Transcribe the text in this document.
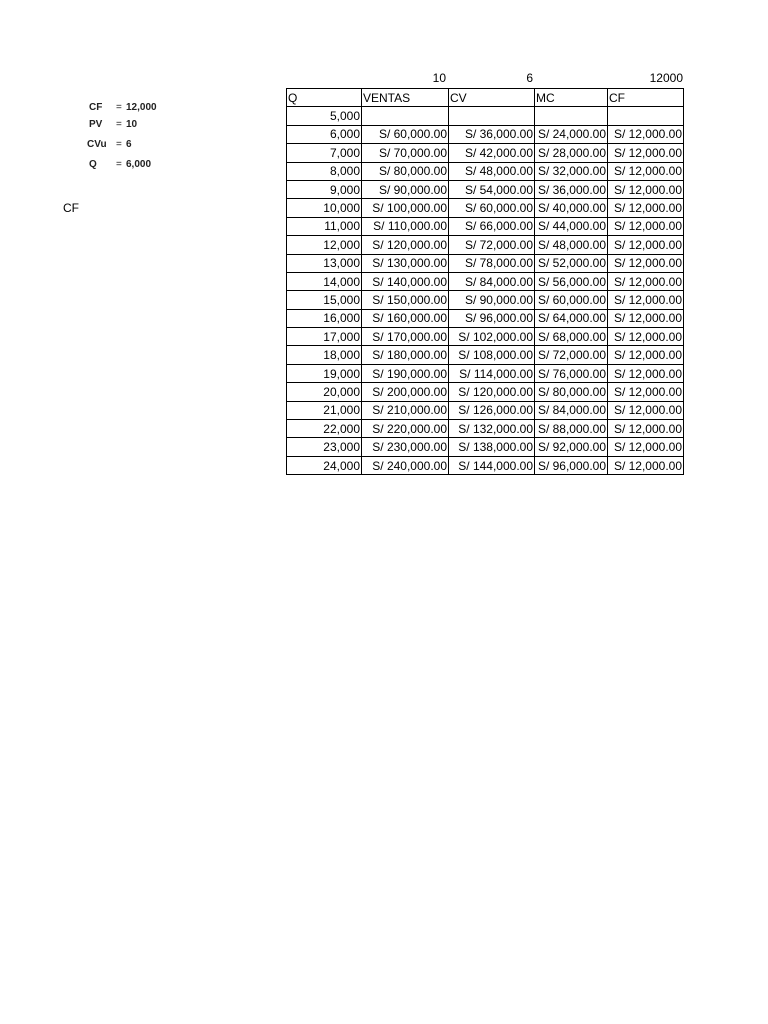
CF = 12,000
PV = 10
CVu = 6
Q = 6,000
CF
10	6	12000
Q	VENTAS	CV	MC	CF
5,000				
6,000	S/ 60,000.00	S/ 36,000.00	S/ 24,000.00	S/ 12,000.00
7,000	S/ 70,000.00	S/ 42,000.00	S/ 28,000.00	S/ 12,000.00
8,000	S/ 80,000.00	S/ 48,000.00	S/ 32,000.00	S/ 12,000.00
9,000	S/ 90,000.00	S/ 54,000.00	S/ 36,000.00	S/ 12,000.00
10,000	S/ 100,000.00	S/ 60,000.00	S/ 40,000.00	S/ 12,000.00
11,000	S/ 110,000.00	S/ 66,000.00	S/ 44,000.00	S/ 12,000.00
12,000	S/ 120,000.00	S/ 72,000.00	S/ 48,000.00	S/ 12,000.00
13,000	S/ 130,000.00	S/ 78,000.00	S/ 52,000.00	S/ 12,000.00
14,000	S/ 140,000.00	S/ 84,000.00	S/ 56,000.00	S/ 12,000.00
15,000	S/ 150,000.00	S/ 90,000.00	S/ 60,000.00	S/ 12,000.00
16,000	S/ 160,000.00	S/ 96,000.00	S/ 64,000.00	S/ 12,000.00
17,000	S/ 170,000.00	S/ 102,000.00	S/ 68,000.00	S/ 12,000.00
18,000	S/ 180,000.00	S/ 108,000.00	S/ 72,000.00	S/ 12,000.00
19,000	S/ 190,000.00	S/ 114,000.00	S/ 76,000.00	S/ 12,000.00
20,000	S/ 200,000.00	S/ 120,000.00	S/ 80,000.00	S/ 12,000.00
21,000	S/ 210,000.00	S/ 126,000.00	S/ 84,000.00	S/ 12,000.00
22,000	S/ 220,000.00	S/ 132,000.00	S/ 88,000.00	S/ 12,000.00
23,000	S/ 230,000.00	S/ 138,000.00	S/ 92,000.00	S/ 12,000.00
24,000	S/ 240,000.00	S/ 144,000.00	S/ 96,000.00	S/ 12,000.00
